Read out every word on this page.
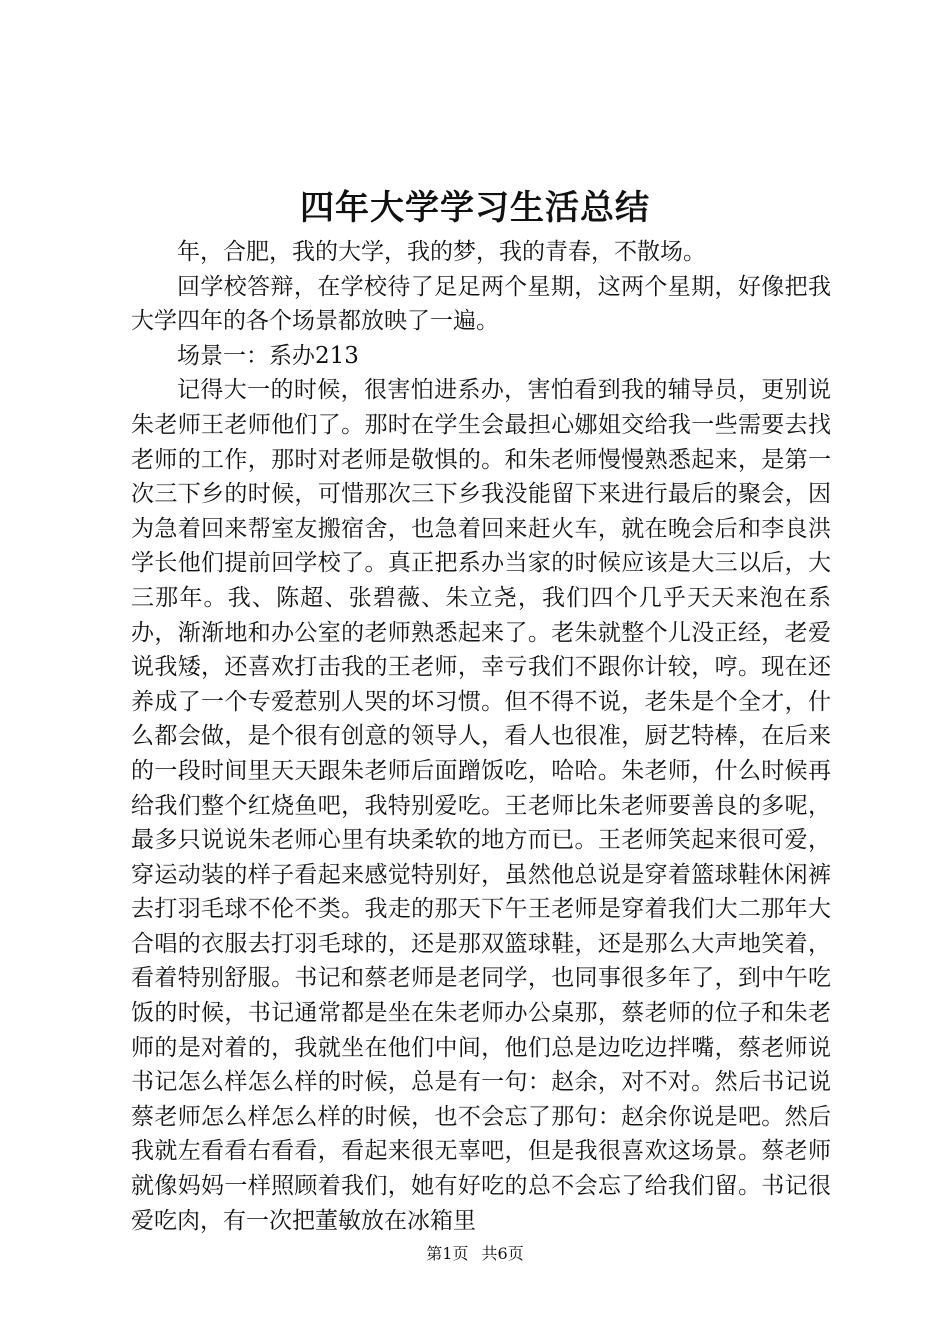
四年大学学习生活总结

年，合肥，我的大学，我的梦，我的青春，不散场。

回学校答辩，在学校待了足足两个星期，这两个星期，好像把我大学四年的各个场景都放映了一遍。

场景一：系办213

记得大一的时候，很害怕进系办，害怕看到我的辅导员，更别说朱老师王老师他们了。那时在学生会最担心娜姐交给我一些需要去找老师的工作，那时对老师是敬惧的。和朱老师慢慢熟悉起来，是第一次三下乡的时候，可惜那次三下乡我没能留下来进行最后的聚会，因为急着回来帮室友搬宿舍，也急着回来赶火车，就在晚会后和李良洪学长他们提前回学校了。真正把系办当家的时候应该是大三以后，大三那年。我、陈超、张碧薇、朱立尧，我们四个几乎天天来泡在系办，渐渐地和办公室的老师熟悉起来了。老朱就整个儿没正经，老爱说我矮，还喜欢打击我的王老师，幸亏我们不跟你计较，哼。现在还养成了一个专爱惹别人哭的坏习惯。但不得不说，老朱是个全才，什么都会做，是个很有创意的领导人，看人也很准，厨艺特棒，在后来的一段时间里天天跟朱老师后面蹭饭吃，哈哈。朱老师，什么时候再给我们整个红烧鱼吧，我特别爱吃。王老师比朱老师要善良的多呢，最多只说说朱老师心里有块柔软的地方而已。王老师笑起来很可爱，穿运动装的样子看起来感觉特别好，虽然他总说是穿着篮球鞋休闲裤去打羽毛球不伦不类。我走的那天下午王老师是穿着我们大二那年大合唱的衣服去打羽毛球的，还是那双篮球鞋，还是那么大声地笑着，看着特别舒服。书记和蔡老师是老同学，也同事很多年了，到中午吃饭的时候，书记通常都是坐在朱老师办公桌那，蔡老师的位子和朱老师的是对着的，我就坐在他们中间，他们总是边吃边拌嘴，蔡老师说书记怎么样怎么样的时候，总是有一句：赵余，对不对。然后书记说蔡老师怎么样怎么样的时候，也不会忘了那句：赵余你说是吧。然后我就左看看右看看，看起来很无辜吧，但是我很喜欢这场景。蔡老师就像妈妈一样照顾着我们，她有好吃的总不会忘了给我们留。书记很爱吃肉，有一次把董敏放在冰箱里

第1页 共6页
